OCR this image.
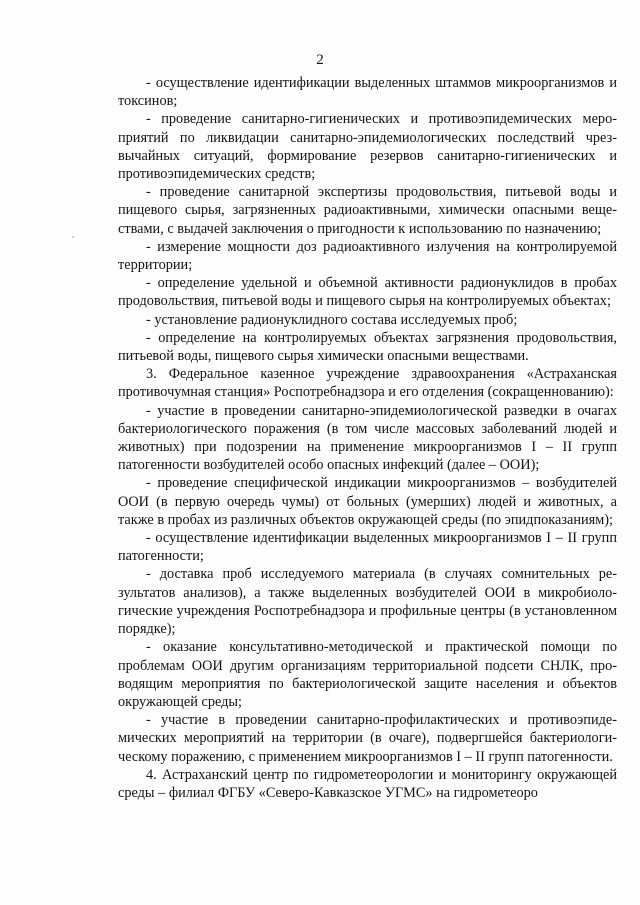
2

- осуществление идентификации выделенных штаммов микроорганизмов и токсинов;

- проведение санитарно-гигиенических и противоэпидемических мероприятий по ликвидации санитарно-эпидемиологических последствий чрезвычайных ситуаций, формирование резервов санитарно-гигиенических и противоэпидемических средств;

- проведение санитарной экспертизы продовольствия, питьевой воды и пищевого сырья, загрязненных радиоактивными, химически опасными веществами, с выдачей заключения о пригодности к использованию по назначению;

- измерение мощности доз радиоактивного излучения на контролируемой территории;

- определение удельной и объемной активности радионуклидов в пробах продовольствия, питьевой воды и пищевого сырья на контролируемых объектах;

- установление радионуклидного состава исследуемых проб;

- определение на контролируемых объектах загрязнения продовольствия, питьевой воды, пищевого сырья химически опасными веществами.

3. Федеральное казенное учреждение здравоохранения «Астраханская противочумная станция» Роспотребнадзора и его отделения (сокращеннованию):

- участие в проведении санитарно-эпидемиологической разведки в очагах бактериологического поражения (в том числе массовых заболеваний людей и животных) при подозрении на применение микроорганизмов I – II групп патогенности возбудителей особо опасных инфекций (далее – ООИ);

- проведение специфической индикации микроорганизмов – возбудителей ООИ (в первую очередь чумы) от больных (умерших) людей и животных, а также в пробах из различных объектов окружающей среды (по эпидпоказаниям);

- осуществление идентификации выделенных микроорганизмов I – II групп патогенности;

- доставка проб исследуемого материала (в случаях сомнительных результатов анализов), а также выделенных возбудителей ООИ в микробиологические учреждения Роспотребнадзора и профильные центры (в установленном порядке);

- оказание консультативно-методической и практической помощи по проблемам ООИ другим организациям территориальной подсети СНЛК, проводящим мероприятия по бактериологической защите населения и объектов окружающей среды;

- участие в проведении санитарно-профилактических и противоэпидемических мероприятий на территории (в очаге), подвергшейся бактериологическому поражению, с применением микроорганизмов I – II групп патогенности.

4. Астраханский центр по гидрометеорологии и мониторингу окружающей среды – филиал ФГБУ «Северо-Кавказское УГМС» на гидрометеоро
